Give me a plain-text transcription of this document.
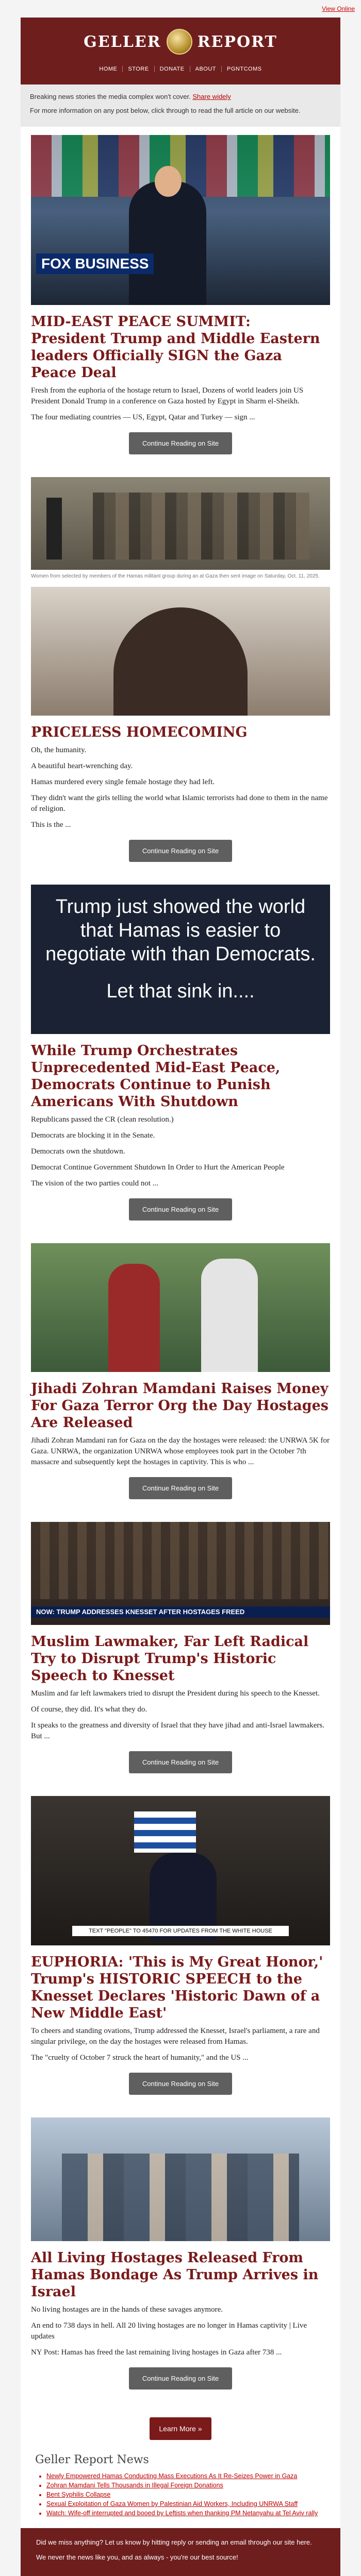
View Online
GELLER REPORT
HOME	STORE	DONATE	ABOUT	PGNTCOMS

Breaking news stories the media complex won't cover. Share widely

For more information on any post below, click through to read the full article on our website.

FOX BUSINESS
MID-EAST PEACE SUMMIT: President Trump and Middle Eastern leaders Officially SIGN the Gaza Peace Deal

Fresh from the euphoria of the hostage return to Israel, Dozens of world leaders join US President Donald Trump in a conference on Gaza hosted by Egypt in Sharm el-Sheikh.

The four mediating countries — US, Egypt, Qatar and Turkey — sign ...

Continue Reading on Site

Women from selected by members of the Hamas militant group during an at Gaza then sent image on Saturday, Oct. 11, 2025.

PRICELESS HOMECOMING

Oh, the humanity.

A beautiful heart-wrenching day.

Hamas murdered every single female hostage they had left.

They didn't want the girls telling the world what Islamic terrorists had done to them in the name of religion.

This is the ...

Continue Reading on Site
Trump just showed the world that Hamas is easier to negotiate with than Democrats.
Let that sink in....
While Trump Orchestrates Unprecedented Mid-East Peace, Democrats Continue to Punish Americans With Shutdown

Republicans passed the CR (clean resolution.)

Democrats are blocking it in the Senate.

Democrats own the shutdown.

Democrat Continue Government Shutdown In Order to Hurt the American People

The vision of the two parties could not ...

Continue Reading on Site
Jihadi Zohran Mamdani Raises Money For Gaza Terror Org the Day Hostages Are Released

Jihadi Zohran Mamdani ran for Gaza on the day the hostages were released: the UNRWA 5K for Gaza. UNRWA, the organization UNRWA whose employees took part in the October 7th massacre and subsequently kept the hostages in captivity. This is who ...

Continue Reading on Site
NOW: TRUMP ADDRESSES KNESSET AFTER HOSTAGES FREED
Muslim Lawmaker, Far Left Radical Try to Disrupt Trump's Historic Speech to Knesset

Muslim and far left lawmakers tried to disrupt the President during his speech to the Knesset.

Of course, they did. It's what they do.

It speaks to the greatness and diversity of Israel that they have jihad and anti-Israel lawmakers. But ...

Continue Reading on Site
TEXT "PEOPLE" TO 45470 FOR UPDATES FROM THE WHITE HOUSE
EUPHORIA: 'This is My Great Honor,' Trump's HISTORIC SPEECH to the Knesset Declares 'Historic Dawn of a New Middle East'

To cheers and standing ovations, Trump addressed the Knesset, Israel's parliament, a rare and singular privilege, on the day the hostages were released from Hamas.

The "cruelty of October 7 struck the heart of humanity," and the US ...

Continue Reading on Site
All Living Hostages Released From Hamas Bondage As Trump Arrives in Israel

No living hostages are in the hands of these savages anymore.

An end to 738 days in hell. All 20 living hostages are no longer in Hamas captivity | Live updates

NY Post: Hamas has freed the last remaining living hostages in Gaza after 738 ...

Continue Reading on Site
Learn More »
Geller Report News
• Newly Empowered Hamas Conducting Mass Executions As It Re-Seizes Power in Gaza
• Zohran Mamdani Tells Thousands in Illegal Foreign Donations
• Bent Syphilis Collapse
• Sexual Exploitation of Gaza Women by Palestinian Aid Workers, Including UNRWA Staff
• Watch: Wife-off interrupted and booed by Leftists when thanking PM Netanyahu at Tel Aviv rally

Did we miss anything? Let us know by hitting reply or sending an email through our site here.

We never the news like you, and as always - you're our best source!
